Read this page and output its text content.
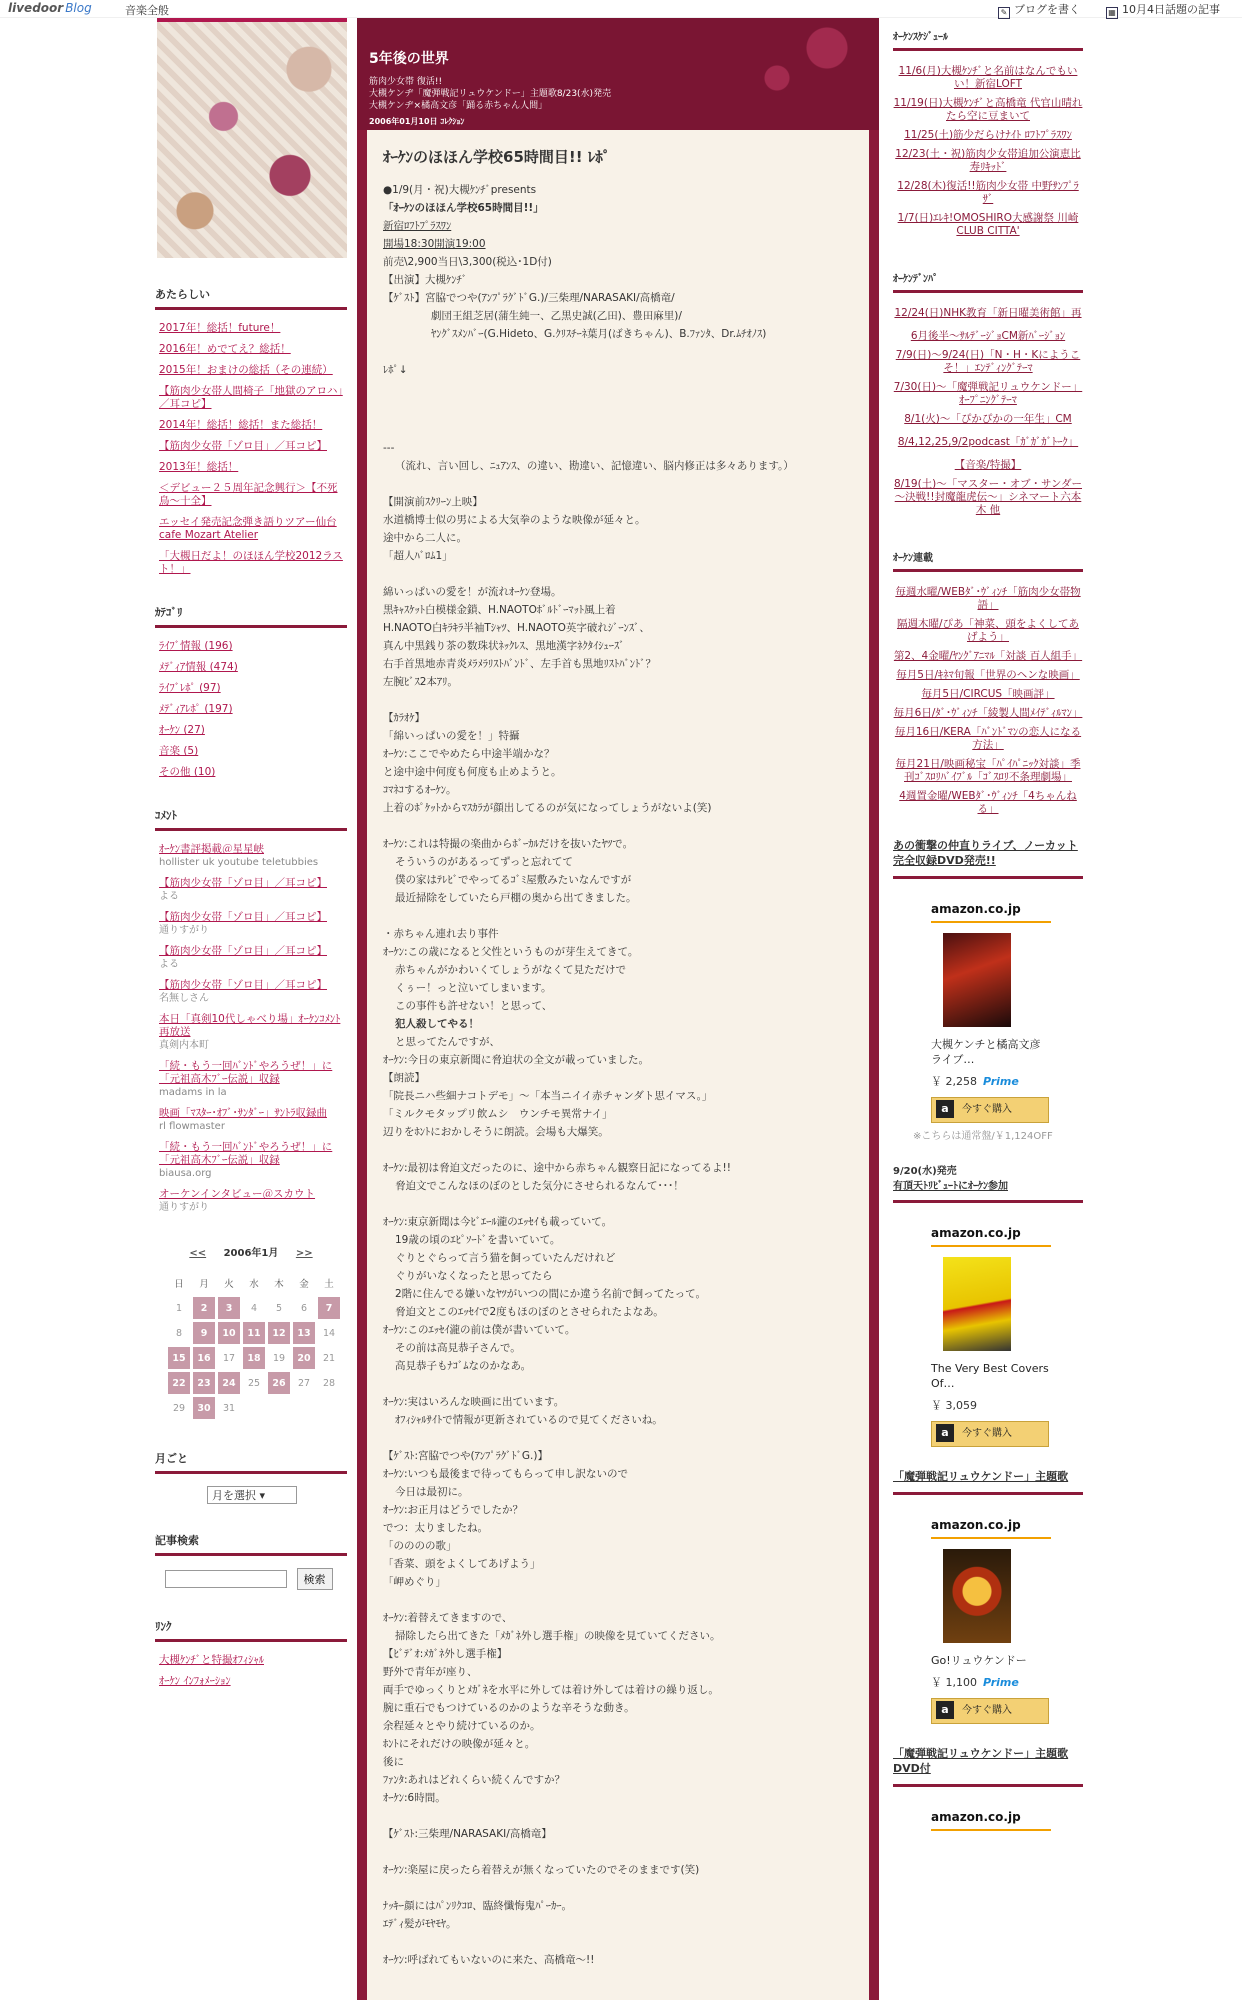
livedoor Blog	音楽全般	✎ ブログを書く	▦ 10月4日話題の記事
あたらしい
2017年！総括！future！
2016年！めでてえ？総括！
2015年！おまけの総括（その連続）
【筋肉少女帯人間椅子「地獄のアロハ」／耳コピ】
2014年！総括！総括！また総括！
【筋肉少女帯「ゾロ目」／耳コピ】
2013年！総括！
＜デビュー２５周年記念興行＞【不死鳥～十全】
エッセイ発売記念弾き語りツアー仙台 cafe Mozart Atelier
「大槻日だよ！のほほん学校2012ラスト！」
ｶﾃｺﾞﾘ
ﾗｲﾌﾞ情報 (196)
ﾒﾃﾞｨｱ情報 (474)
ﾗｲﾌﾞﾚﾎﾟ (97)
ﾒﾃﾞｨｱﾚﾎﾟ (197)
ｵｰｹﾝ (27)
音楽 (5)
その他 (10)
ｺﾒﾝﾄ
ｵｰｹﾝ書評掲載＠星星峡
hollister uk youtube teletubbies
【筋肉少女帯「ゾロ目」／耳コピ】
よる
【筋肉少女帯「ゾロ目」／耳コピ】
通りすがり
【筋肉少女帯「ゾロ目」／耳コピ】
よる
【筋肉少女帯「ゾロ目」／耳コピ】
名無しさん
本日「真剣10代しゃべり場」ｵｰｹﾝｺﾒﾝﾄ再放送
真剣内本町
「続・もう一回ﾊﾞﾝﾄﾞやろうぜ！」に「元祖高木ﾌﾞｰ伝説」収録
madams in la
映画「ﾏｽﾀｰ･ｵﾌﾞ･ｻﾝﾀﾞｰ」ｻﾝﾄﾗ収録曲
rl flowmaster
「続・もう一回ﾊﾞﾝﾄﾞやろうぜ！」に「元祖高木ﾌﾞｰ伝説」収録
biausa.org
オーケンインタビュー＠スカウト
通りすがり
<< 2006年1月 >>
日	月	火	水	木	金	土
1	2	3	4	5	6	7
8	9	10	11	12	13	14
15	16	17	18	19	20	21
22	23	24	25	26	27	28
29	30	31				
月ごと
月を選択 ▾
記事検索
検索
ﾘﾝｸ
大槻ｹﾝﾁﾞと特撮ｵﾌｨｼｬﾙ
ｵｰｹﾝ ｲﾝﾌｫﾒｰｼｮﾝ
5年後の世界
筋肉少女帯 復活!!
大槻ケンヂ「魔弾戦記リュウケンドー」主題歌8/23(水)発売
大槻ケンヂ×橘高文彦「踊る赤ちゃん人間」
2006年01月10日 ｺﾚｸｼｮﾝ
ｵｰｹﾝのほほん学校65時間目!! ﾚﾎﾟ

●1/9(月・祝)大槻ｹﾝﾁﾞpresents

「ｵｰｹﾝのほほん学校65時間目!!」

新宿ﾛﾌﾄﾌﾟﾗｽﾜﾝ

開場18:30開演19:00

前売\2,900当日\3,300(税込･1D付)

【出演】大槻ｹﾝﾁﾞ

【ｹﾞｽﾄ】宮脇でつや(ｱﾝﾌﾟﾗｸﾞﾄﾞG.)/三柴理/NARASAKI/高橋竜/

劇団王組芝居(蒲生純一、乙黒史誠(乙田)、豊田麻里)/

ﾔﾝｸﾞｽﾒﾝﾊﾞｰ(G.Hideto、G.ｸﾘｽﾁｰﾈ葉月(ばきちゃん)、B.ﾌｧﾝﾀ、Dr.ﾑﾁｵﾉｽ)

ﾚﾎﾟ↓

---

（流れ、言い回し、ﾆｭｱﾝｽ、の違い、勘違い、記憶違い、脳内修正は多々あります。）

【開演前ｽｸﾘｰﾝ上映】

水道橋博士似の男による大気拳のような映像が延々と。

途中から二人に。

「超人ﾊﾞﾛﾑ1」

綿いっぱいの愛を！が流れｵｰｹﾝ登場。

黒ｷｬｽｹｯﾄ白模様金鎖、H.NAOTOﾎﾞﾙﾄﾞｰﾏｯﾄ風上着

H.NAOTO白ｷﾗｷﾗ半袖Tｼｬﾂ、H.NAOTO英字破れｼﾞｰﾝｽﾞ、

真ん中黒銭り茶の数珠状ﾈｯｸﾚｽ、黒地漢字ﾈｸﾀｲｼｭｰｽﾞ

右手首黒地赤青炎ﾒﾗﾒﾗﾘｽﾄﾊﾞﾝﾄﾞ、左手首も黒地ﾘｽﾄﾊﾞﾝﾄﾞ？

左腕ﾋﾞｽ2本ｱﾘ。

【ｶﾗｵｹ】

「綿いっぱいの愛を！」特攝

ｵｰｹﾝ:ここでやめたら中途半端かな？

と途中途中何度も何度も止めようと。

ｺﾏﾈｺするｵｰｹﾝ。

上着のﾎﾟｹｯﾄからﾏｽｶﾗが顔出してるのが気になってしょうがないよ(笑)

ｵｰｹﾝ:これは特撮の楽曲からﾎﾞｰｶﾙだけを抜いたﾔﾂで。

そういうのがあるってずっと忘れてて

僕の家はﾃﾚﾋﾞでやってるｺﾞﾐ屋敷みたいなんですが

最近掃除をしていたら戸棚の奥から出てきました。

・赤ちゃん連れ去り事件

ｵｰｹﾝ:この歳になると父性というものが芽生えてきて。

赤ちゃんがかわいくてしょうがなくて見ただけで

くぅー！っと泣いてしまいます。

この事件も許せない！と思って、

犯人殺してやる！

と思ってたんですが、

ｵｰｹﾝ:今日の東京新聞に脅迫状の全文が載っていました。

【朗読】

「院長ニハ些細ナコトデモ」～「本当ニイイ赤チャンダト思イマス。」

「ミルクモタップリ飲ムシ　ウンチモ異常ナイ」

辺りをﾎﾝﾄにおかしそうに朗読。会場も大爆笑。

ｵｰｹﾝ:最初は脅迫文だったのに、途中から赤ちゃん観察日記になってるよ!!

脅迫文でこんなほのぼのとした気分にさせられるなんて･･･！

ｵｰｹﾝ:東京新聞は今ﾋﾞｴｰﾙ瀧のｴｯｾｲも載っていて。

19歳の頃のｴﾋﾟｿｰﾄﾞを書いていて。

ぐりとぐらって言う猫を飼っていたんだけれど

ぐりがいなくなったと思ってたら

2階に住んでる嫌いなﾔﾂがいつの間にか違う名前で飼ってたって。

脅迫文とこのｴｯｾｲで2度もほのぼのとさせられたよなあ。

ｵｰｹﾝ:このｴｯｾｲ瀧の前は僕が書いていて。

その前は高見恭子さんで。

高見恭子もﾅｺﾞﾑなのかなあ。

ｵｰｹﾝ:実はいろんな映画に出ています。

ｵﾌｨｼｬﾙｻｲﾄで情報が更新されているので見てくださいね。

【ｹﾞｽﾄ:宮脇でつや(ｱﾝﾌﾟﾗｸﾞﾄﾞG.)】

ｵｰｹﾝ:いつも最後まで待ってもらって申し訳ないので

今日は最初に。

ｵｰｹﾝ:お正月はどうでしたか？

でつ：太りましたね。

「のののの歌」

「香菜、頭をよくしてあげよう」

「岬めぐり」

ｵｰｹﾝ:着替えてきますので、

掃除したら出てきた「ﾒｶﾞﾈ外し選手権」の映像を見ていてください。

【ﾋﾞﾃﾞｵ:ﾒｶﾞﾈ外し選手権】

野外で青年が座り、

両手でゆっくりとﾒｶﾞﾈを水平に外しては着け外しては着けの繰り返し。

腕に重石でもつけているのかのような辛そうな動き。

余程延々とやり続けているのか。

ﾎﾝﾄにそれだけの映像が延々と。

後に

ﾌｧﾝﾀ:あれはどれくらい続くんですか？

ｵｰｹﾝ:6時間。

【ｹﾞｽﾄ:三柴理/NARASAKI/高橋竜】

ｵｰｹﾝ:楽屋に戻ったら着替えが無くなっていたのでそのままです(笑)

ﾅｯｷｰ顔にはﾊﾟﾝﾘｸｺﾛ、臨終懺悔鬼ﾊﾟｰｶｰ。

ｴﾃﾞｨ髪がﾓﾔﾓﾔ。

ｵｰｹﾝ:呼ばれてもいないのに来た、高橋竜～!!

ｵｰｹﾝｽｹｼﾞｭｰﾙ
11/6(月)大槻ｹﾝﾁﾞと名前はなんでもいい！新宿LOFT
11/19(日)大槻ｹﾝﾁﾞと高橋竜 代官山晴れたら空に豆まいて
11/25(土)筋少だらけﾅｲﾄ ﾛﾌﾄﾌﾟﾗｽﾜﾝ
12/23(土・祝)筋肉少女帯追加公演恵比寿ﾘｷｯﾄﾞ
12/28(木)復活!!筋肉少女帯 中野ｻﾝﾌﾟﾗｻﾞ
1/7(日)ｴﾚｷ!OMOSHIRO大感謝祭 川崎CLUB CITTA'
ｵｰｹﾝﾃﾞﾝﾊﾟ
12/24(日)NHK教育「新日曜美術館」再
6月後半～ｻﾙﾃﾞｰｼﾞｮCM新ﾊﾞｰｼﾞｮﾝ
7/9(日)～9/24(日)「N・H・Kにようこそ！」ｴﾝﾃﾞｨﾝｸﾞﾃｰﾏ
7/30(日)～「魔弾戦記リュウケンドー」ｵｰﾌﾟﾆﾝｸﾞﾃｰﾏ
8/1(火)～「ぴかぴかの一年生」CM
8/4,12,25,9/2podcast「ｶﾞｶﾞｶﾞﾄｰｸ」
【音楽/特撮】
8/19(土)～「マスター・オブ・サンダー～決戦!!封魔龍虎伝～」シネマート六本木 他
ｵｰｹﾝ連載
毎週水曜/WEBﾀﾞ･ｳﾞｨﾝﾁ「筋肉少女帯物語」
隔週木曜/ぴあ「神菜、頭をよくしてあげよう」
第2、4金曜/ﾔﾝｸﾞｱﾆﾏﾙ「対談 百人組手」
毎月5日/ｷﾈﾏ旬報「世界のヘンな映画」
毎月5日/CIRCUS「映画評」
毎月6日/ﾀﾞ･ｳﾞｨﾝﾁ「綾製人間ﾒｲﾃﾞｨﾙﾏﾝ」
毎月16日/KERA「ﾊﾞﾝﾄﾞﾏﾝの恋人になる方法」
毎月21日/映画秘宝「ﾊﾟｲﾊﾟﾆｯｸ対談」季刊ｺﾞｽﾛﾘﾊﾞｲﾌﾞﾙ「ｺﾞｽﾛﾘ不条理劇場」
4週置金曜/WEBﾀﾞ･ｳﾞｨﾝﾁ「4ちゃんねる」
あの衝撃の仲直りライブ、ノーカット完全収録DVD発売!!
amazon.co.jp
大槻ケンチと橘高文彦ライブ…
￥ 2,258 Prime
a 今すぐ購入
※こちらは通常盤/￥1,124OFF
9/20(水)発売
有頂天ﾄﾘﾋﾞｭｰﾄにｵｰｹﾝ参加
amazon.co.jp
The Very Best Covers Of…
￥ 3,059
a 今すぐ購入
「魔弾戦記リュウケンドー」主題歌
amazon.co.jp
Go!リュウケンドー
￥ 1,100 Prime
a 今すぐ購入
「魔弾戦記リュウケンドー」主題歌DVD付
amazon.co.jp
